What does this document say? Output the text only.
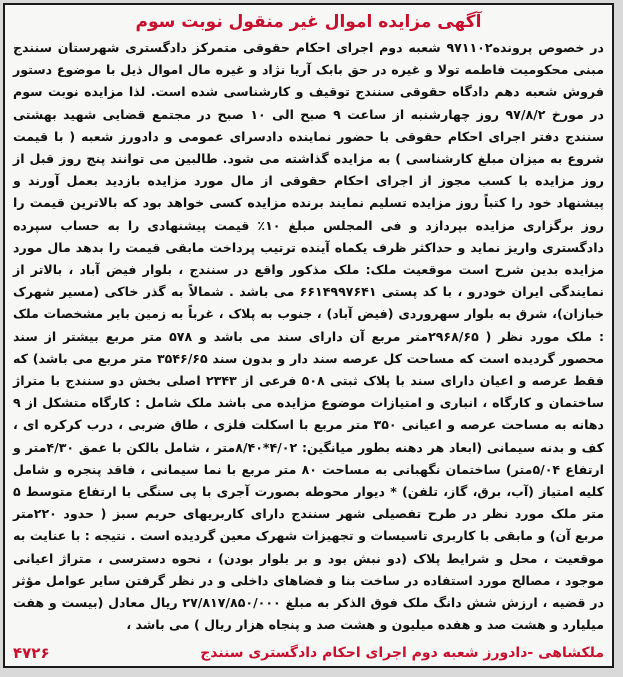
آگهی مزایده اموال غیر منقول نوبت سوم

در خصوص پرونده۹۷۱۱۰۲ شعبه دوم اجرای احکام حقوقی متمرکز دادگستری شهرستان سنندج مبنی محکومیت فاطمه تولا و غیره در حق بابک آریا نژاد و غیره مال اموال ذیل با موضوع دستور فروش شعبه دهم دادگاه حقوقی سنندج توقیف و کارشناسی شده است. لذا مزایده نوبت سوم در مورخ ۹۷/۸/۲ روز چهارشنبه از ساعت ۹ صبح الی ۱۰ صبح در مجتمع قضایی شهید بهشتی سنندج دفتر اجرای احکام حقوقی با حضور نماینده دادسرای عمومی و دادورز شعبه ( با قیمت شروع به میزان مبلغ کارشناسی ) به مزایده گذاشته می شود. طالبین می توانند پنج روز قبل از روز مزایده با کسب مجوز از اجرای احکام حقوقی از مال مورد مزایده بازدید بعمل آورند و پیشنهاد خود را کتباً روز مزایده تسلیم نمایند برنده مزایده کسی خواهد بود که بالاترین قیمت را روز برگزاری مزایده بپردازد و فی المجلس مبلغ ۱۰٪ قیمت پیشنهادی را به حساب سپرده دادگستری واریز نماید و حداکثر ظرف یکماه آینده ترتیب پرداخت مابقی قیمت را بدهد مال مورد مزایده بدین شرح است موقعیت ملک: ملک مذکور واقع در سنندج ، بلوار فیض آباد ، بالاتر از نمایندگی ایران خودرو ، با کد پستی ۶۶۱۴۹۹۷۶۴۱ می باشد . شمالاً به گذر خاکی (مسیر شهرک خبازان)، شرق به بلوار سهروردی (فیض آباد) ، جنوب به پلاک ، غرباً به زمین بایر مشخصات ملک : ملک مورد نظر ( ۲۹۶۸/۶۵متر مربع آن دارای سند می باشد و ۵۷۸ متر مربع بیشتر از سند محصور گردیده است که مساحت کل عرصه سند دار و بدون سند ۳۵۴۶/۶۵ متر مربع می باشد) که فقط عرصه و اعیان دارای سند با پلاک ثبتی ۵۰۸ فرعی از ۲۳۴۳ اصلی بخش دو سنندج با متراژ ساختمان و کارگاه ، انباری و امتیازات موضوع مزایده می باشد ملک شامل : کارگاه متشکل از ۹ دهانه به مساحت عرصه و اعیانی ۳۵۰ متر مربع با اسکلت فلزی ، طاق ضربی ، درب کرکره ای ، کف و بدنه سیمانی (ابعاد هر دهنه بطور میانگین: ۴/۰۲*۸/۴۰متر ، شامل بالکن با عمق ۴/۳۰متر و ارتفاع ۵/۰۴متر) ساختمان نگهبانی به مساحت ۸۰ متر مربع با نما سیمانی ، فاقد پنجره و شامل کلیه امتیاز (آب، برق، گاز، تلفن) * دیوار محوطه بصورت آجری با پی سنگی با ارتفاع متوسط ۵ متر ملک مورد نظر در طرح تفصیلی شهر سنندج دارای کاربریهای حریم سبز ( حدود ۲۲۰متر مربع آن) و مابقی با کاربری تاسیسات و تجهیزات شهرک معین گردیده است . نتیجه : با عنایت به موقعیت ، محل و شرایط پلاک (دو نبش بود و بر بلوار بودن) ، نحوه دسترسی ، متراژ اعیانی موجود ، مصالح مورد استفاده در ساخت بنا و فضاهای داخلی و در نظر گرفتن سایر عوامل مؤثر در قضیه ، ارزش شش دانگ ملک فوق الذکر به مبلغ ۲۷/۸۱۷/۸۵۰/۰۰۰ ریال معادل (بیست و هفت میلیارد و هشت صد و هفده میلیون و هشت صد و پنجاه هزار ریال ) می باشد ،

ملکشاهی -دادورز شعبه دوم اجرای احکام دادگستری سنندج
۴۷۲۶
